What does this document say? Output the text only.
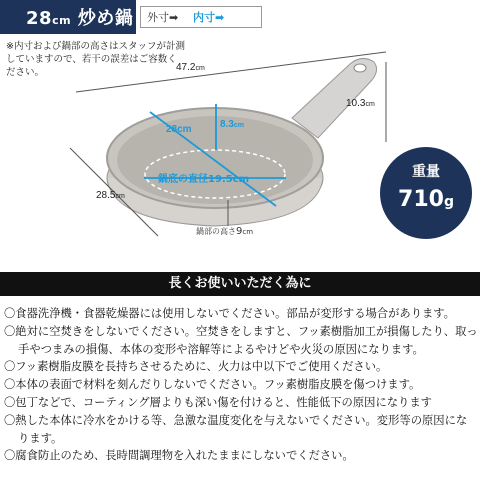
28cm 炒め鍋 外寸➡ 内寸➡
※内寸および鍋部の高さはスタッフが計測していますので、若干の誤差はご容数ください。	47.2cm
10.3cm
28.5cm
28cm	8.3cm
鍋底の直径19.5cm
鍋部の高さ9cm
重量
710g
長くお使いいただく為に
〇食器洗浄機・食器乾燥器には使用しないでください。部品が変形する場合があります。
〇絶対に空焚きをしないでください。空焚きをしますと、フッ素樹脂加工が損傷したり、取っ手やつまみの損傷、本体の変形や溶解等によるやけどや火災の原因になります。
〇フッ素樹脂皮膜を長持ちさせるために、火力は中以下でご使用ください。
〇本体の表面で材料を刻んだりしないでください。フッ素樹脂皮膜を傷つけます。
〇包丁などで、コーティング層よりも深い傷を付けると、性能低下の原因になります
〇熱した本体に冷水をかける等、急激な温度変化を与えないでください。変形等の原因になります。
〇腐食防止のため、長時間調理物を入れたままにしないでください。
